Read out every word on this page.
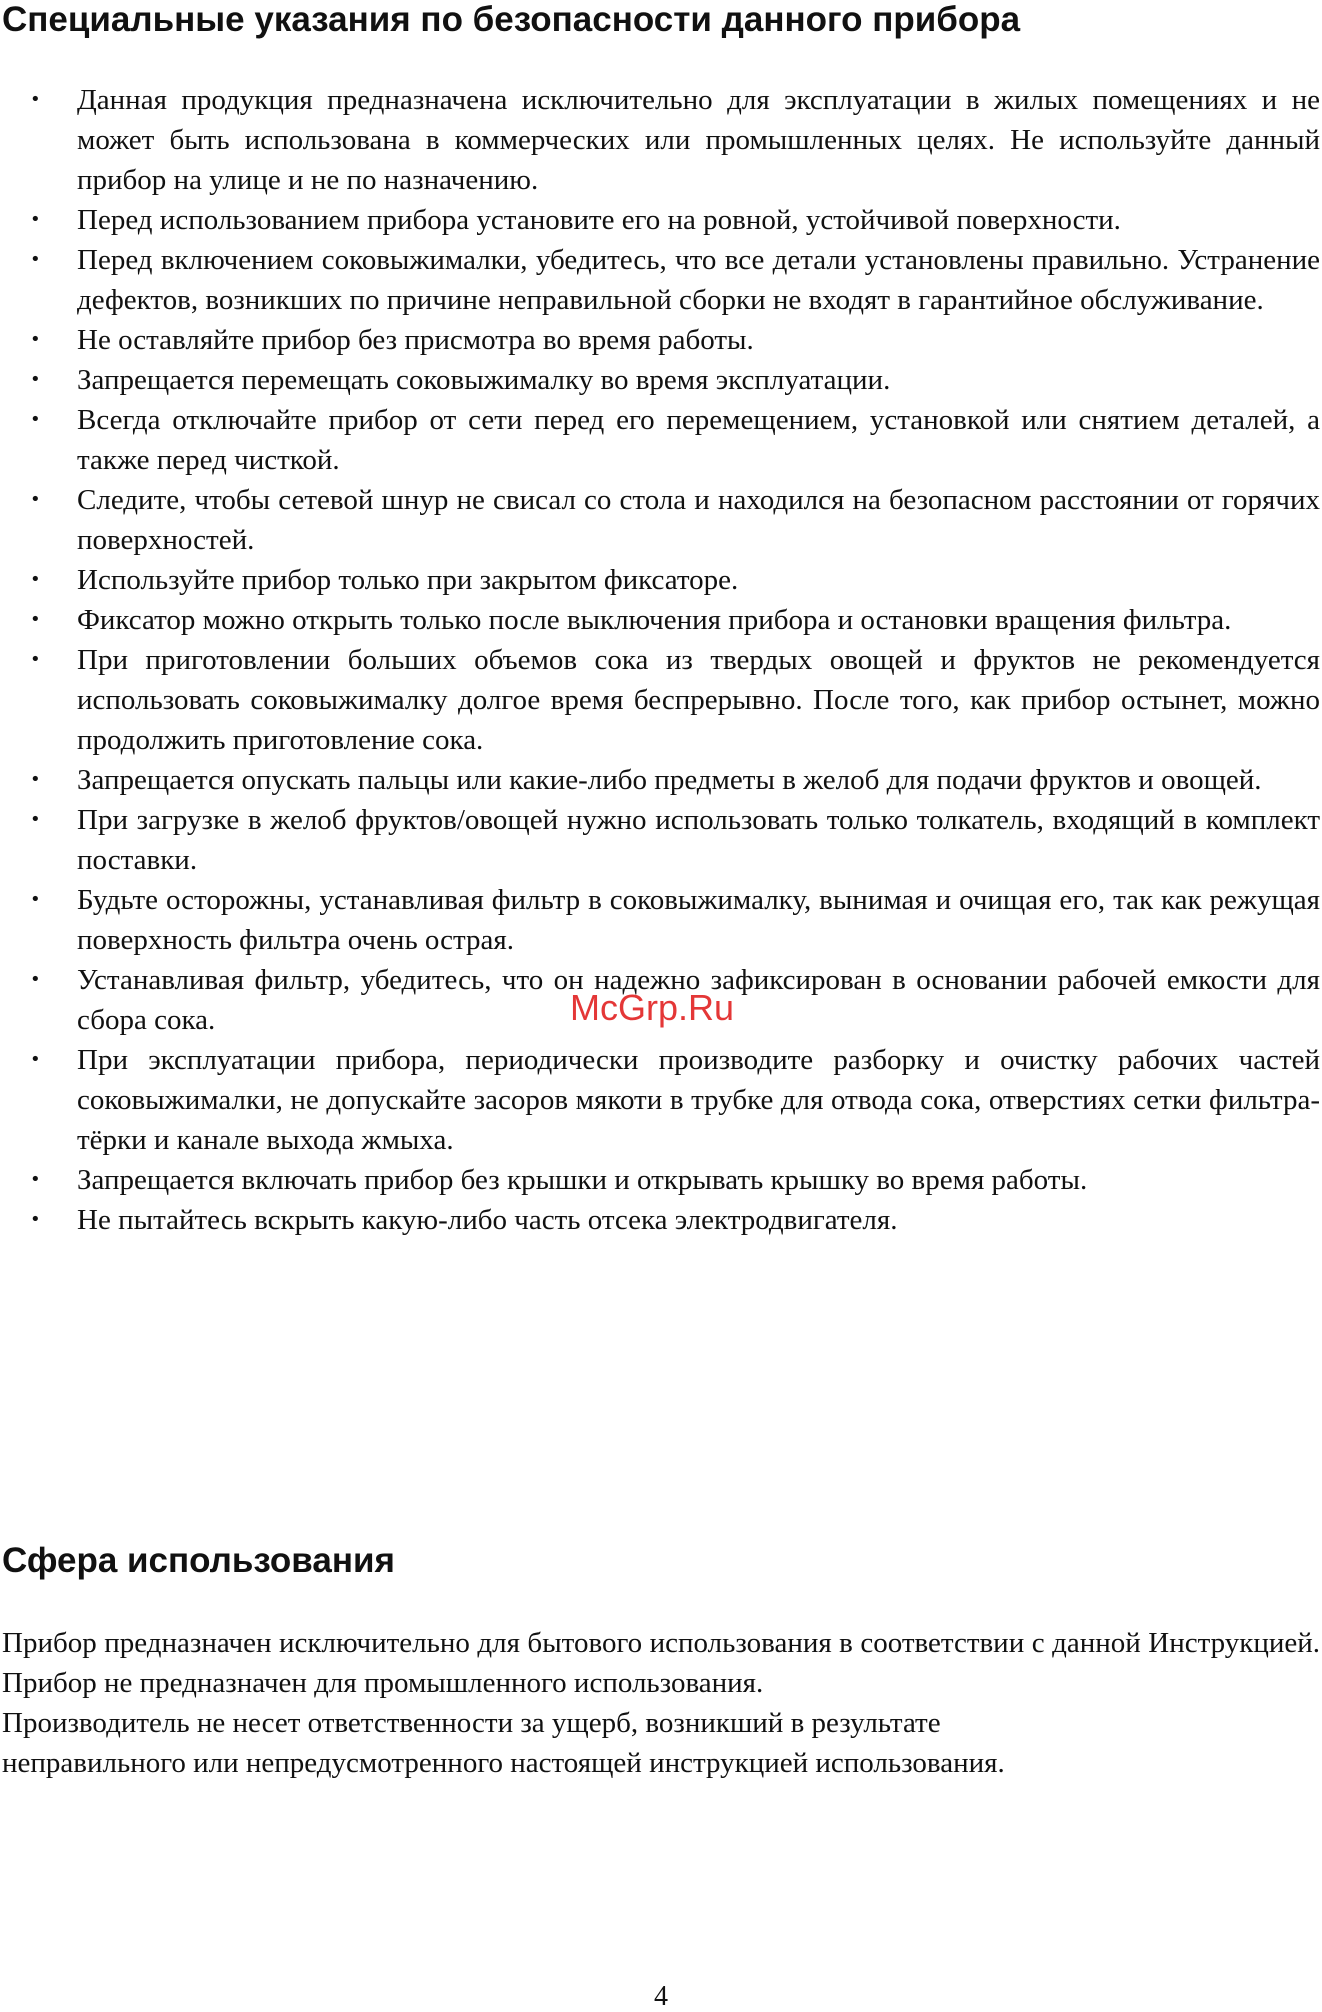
Специальные указания по безопасности данного прибора
• Данная продукция предназначена исключительно для эксплуатации в жилых помещениях и не может быть использована в коммерческих или промышленных целях. Не используйте данный прибор на улице и не по назначению.
• Перед использованием прибора установите его на ровной, устойчивой поверхности.
• Перед включением соковыжималки, убедитесь, что все детали установлены правильно. Устранение дефектов, возникших по причине неправильной сборки не входят в гарантийное обслуживание.
• Не оставляйте прибор без присмотра во время работы.
• Запрещается перемещать соковыжималку во время эксплуатации.
• Всегда отключайте прибор от сети перед его перемещением, установкой или снятием деталей, а также перед чисткой.
• Следите, чтобы сетевой шнур не свисал со стола и находился на безопасном расстоянии от горячих поверхностей.
• Используйте прибор только при закрытом фиксаторе.
• Фиксатор можно открыть только после выключения прибора и остановки вращения фильтра.
• При приготовлении больших объемов сока из твердых овощей и фруктов не рекомендуется использовать соковыжималку долгое время беспрерывно. После того, как прибор остынет, можно продолжить приготовление сока.
• Запрещается опускать пальцы или какие-либо предметы в желоб для подачи фруктов и овощей.
• При загрузке в желоб фруктов/овощей нужно использовать только толкатель, входящий в комплект поставки.
• Будьте осторожны, устанавливая фильтр в соковыжималку, вынимая и очищая его, так как режущая поверхность фильтра очень острая.
• Устанавливая фильтр, убедитесь, что он надежно зафиксирован в основании рабочей емкости для сбора сока.
• При эксплуатации прибора, периодически производите разборку и очистку рабочих частей соковыжималки, не допускайте засоров мякоти в трубке для отвода сока, отверстиях сетки фильтра-тёрки и канале выхода жмыха.
• Запрещается включать прибор без крышки и открывать крышку во время работы.
• Не пытайтесь вскрыть какую-либо часть отсека электродвигателя.
Сфера использования

Прибор предназначен исключительно для бытового использования в соответствии с данной Инструкцией. Прибор не предназначен для промышленного использования.
Производитель не несет ответственности за ущерб, возникший в результате
неправильного или непредусмотренного настоящей инструкцией использования.

McGrp.Ru
4
